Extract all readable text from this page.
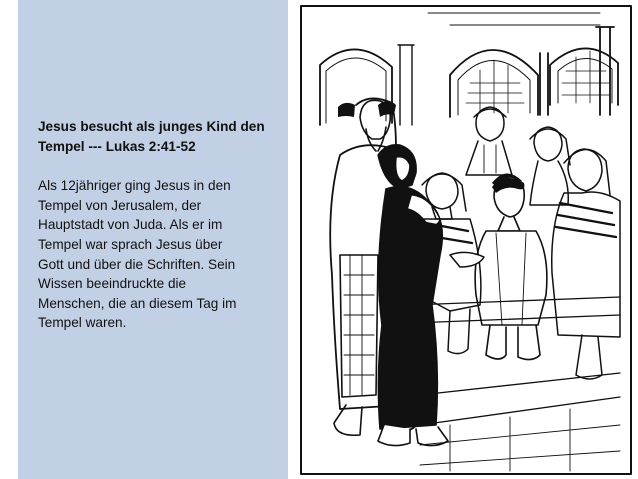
Jesus besucht als junges Kind den
Tempel --- Lukas 2:41-52

Als 12jähriger ging Jesus in den
Tempel von Jerusalem, der
Hauptstadt von Juda. Als er im
Tempel war sprach Jesus über
Gott und über die Schriften. Sein
Wissen beeindruckte die
Menschen, die an diesem Tag im
Tempel waren.
